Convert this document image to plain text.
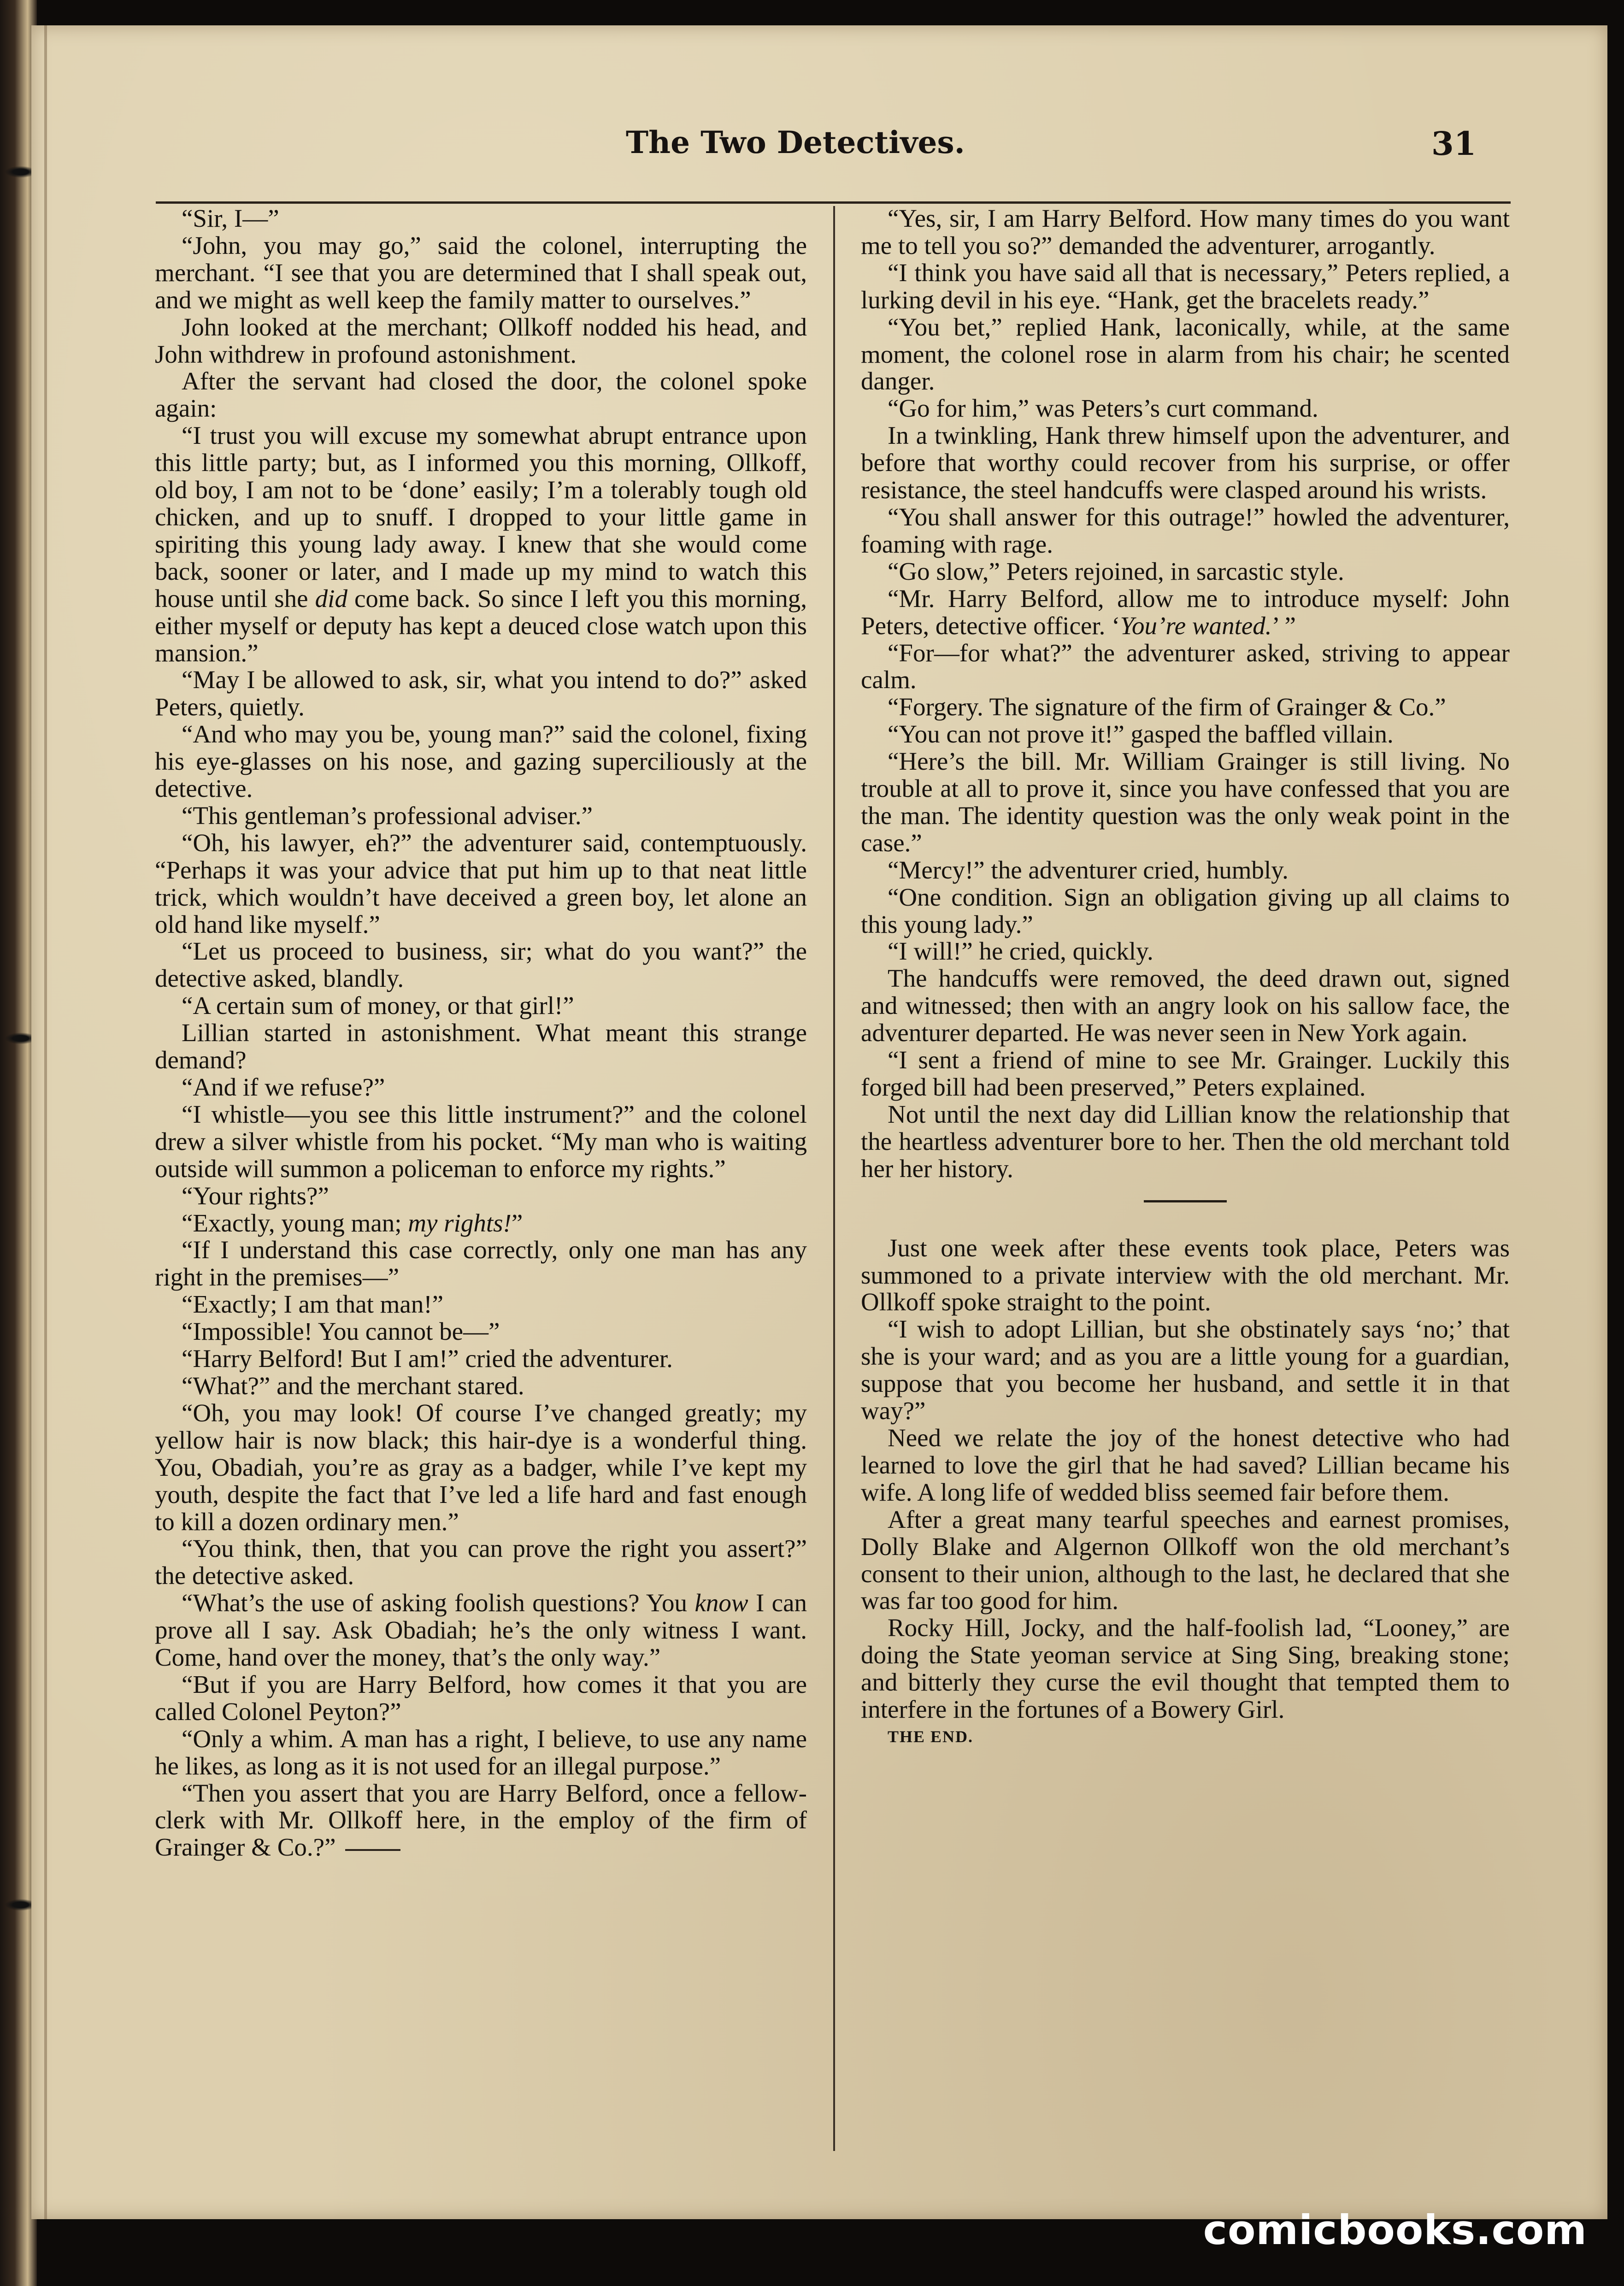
The Two Detectives.	31

“Sir, I—”

“John, you may go,” said the colonel, interrupting the merchant. “I see that you are determined that I shall speak out, and we might as well keep the family matter to ourselves.”

John looked at the merchant; Ollkoff nodded his head, and John withdrew in profound astonishment.

After the servant had closed the door, the colonel spoke again:

“I trust you will excuse my somewhat abrupt entrance upon this little party; but, as I informed you this morning, Ollkoff, old boy, I am not to be ‘done’ easily; I’m a tolerably tough old chicken, and up to snuff. I dropped to your little game in spiriting this young lady away. I knew that she would come back, sooner or later, and I made up my mind to watch this house until she did come back. So since I left you this morning, either myself or deputy has kept a deuced close watch upon this mansion.”

“May I be allowed to ask, sir, what you intend to do?” asked Peters, quietly.

“And who may you be, young man?” said the colonel, fixing his eye-glasses on his nose, and gazing superciliously at the detective.

“This gentleman’s professional adviser.”

“Oh, his lawyer, eh?” the adventurer said, contemptuously. “Perhaps it was your advice that put him up to that neat little trick, which wouldn’t have deceived a green boy, let alone an old hand like myself.”

“Let us proceed to business, sir; what do you want?” the detective asked, blandly.

“A certain sum of money, or that girl!”

Lillian started in astonishment. What meant this strange demand?

“And if we refuse?”

“I whistle—you see this little instrument?” and the colonel drew a silver whistle from his pocket. “My man who is waiting outside will summon a policeman to enforce my rights.”

“Your rights?”

“Exactly, young man; my rights!”

“If I understand this case correctly, only one man has any right in the premises—”

“Exactly; I am that man!”

“Impossible! You cannot be—”

“Harry Belford! But I am!” cried the adventurer.

“What?” and the merchant stared.

“Oh, you may look! Of course I’ve changed greatly; my yellow hair is now black; this hair-dye is a wonderful thing. You, Obadiah, you’re as gray as a badger, while I’ve kept my youth, despite the fact that I’ve led a life hard and fast enough to kill a dozen ordinary men.”

“You think, then, that you can prove the right you assert?” the detective asked.

“What’s the use of asking foolish questions? You know I can prove all I say. Ask Obadiah; he’s the only witness I want. Come, hand over the money, that’s the only way.”

“But if you are Harry Belford, how comes it that you are called Colonel Peyton?”

“Only a whim. A man has a right, I believe, to use any name he likes, as long as it is not used for an illegal purpose.”

“Then you assert that you are Harry Belford, once a fellow-clerk with Mr. Ollkoff here, in the employ of the firm of Grainger & Co.?”

“Yes, sir, I am Harry Belford. How many times do you want me to tell you so?” demanded the adventurer, arrogantly.

“I think you have said all that is necessary,” Peters replied, a lurking devil in his eye. “Hank, get the bracelets ready.”

“You bet,” replied Hank, laconically, while, at the same moment, the colonel rose in alarm from his chair; he scented danger.

“Go for him,” was Peters’s curt command.

In a twinkling, Hank threw himself upon the adventurer, and before that worthy could recover from his surprise, or offer resistance, the steel handcuffs were clasped around his wrists.

“You shall answer for this outrage!” howled the adventurer, foaming with rage.

“Go slow,” Peters rejoined, in sarcastic style.

“Mr. Harry Belford, allow me to introduce myself: John Peters, detective officer. ‘You’re wanted.’ ”

“For—for what?” the adventurer asked, striving to appear calm.

“Forgery. The signature of the firm of Grainger & Co.”

“You can not prove it!” gasped the baffled villain.

“Here’s the bill. Mr. William Grainger is still living. No trouble at all to prove it, since you have confessed that you are the man. The identity question was the only weak point in the case.”

“Mercy!” the adventurer cried, humbly.

“One condition. Sign an obligation giving up all claims to this young lady.”

“I will!” he cried, quickly.

The handcuffs were removed, the deed drawn out, signed and witnessed; then with an angry look on his sallow face, the adventurer departed. He was never seen in New York again.

“I sent a friend of mine to see Mr. Grainger. Luckily this forged bill had been preserved,” Peters explained.

Not until the next day did Lillian know the relationship that the heartless adventurer bore to her. Then the old merchant told her her history.

Just one week after these events took place, Peters was summoned to a private interview with the old merchant. Mr. Ollkoff spoke straight to the point.

“I wish to adopt Lillian, but she obstinately says ‘no;’ that she is your ward; and as you are a little young for a guardian, suppose that you become her husband, and settle it in that way?”

Need we relate the joy of the honest detective who had learned to love the girl that he had saved? Lillian became his wife. A long life of wedded bliss seemed fair before them.

After a great many tearful speeches and earnest promises, Dolly Blake and Algernon Ollkoff won the old merchant’s consent to their union, although to the last, he declared that she was far too good for him.

Rocky Hill, Jocky, and the half-foolish lad, “Looney,” are doing the State yeoman service at Sing Sing, breaking stone; and bitterly they curse the evil thought that tempted them to interfere in the fortunes of a Bowery Girl.

THE END.

comicbooks.com
